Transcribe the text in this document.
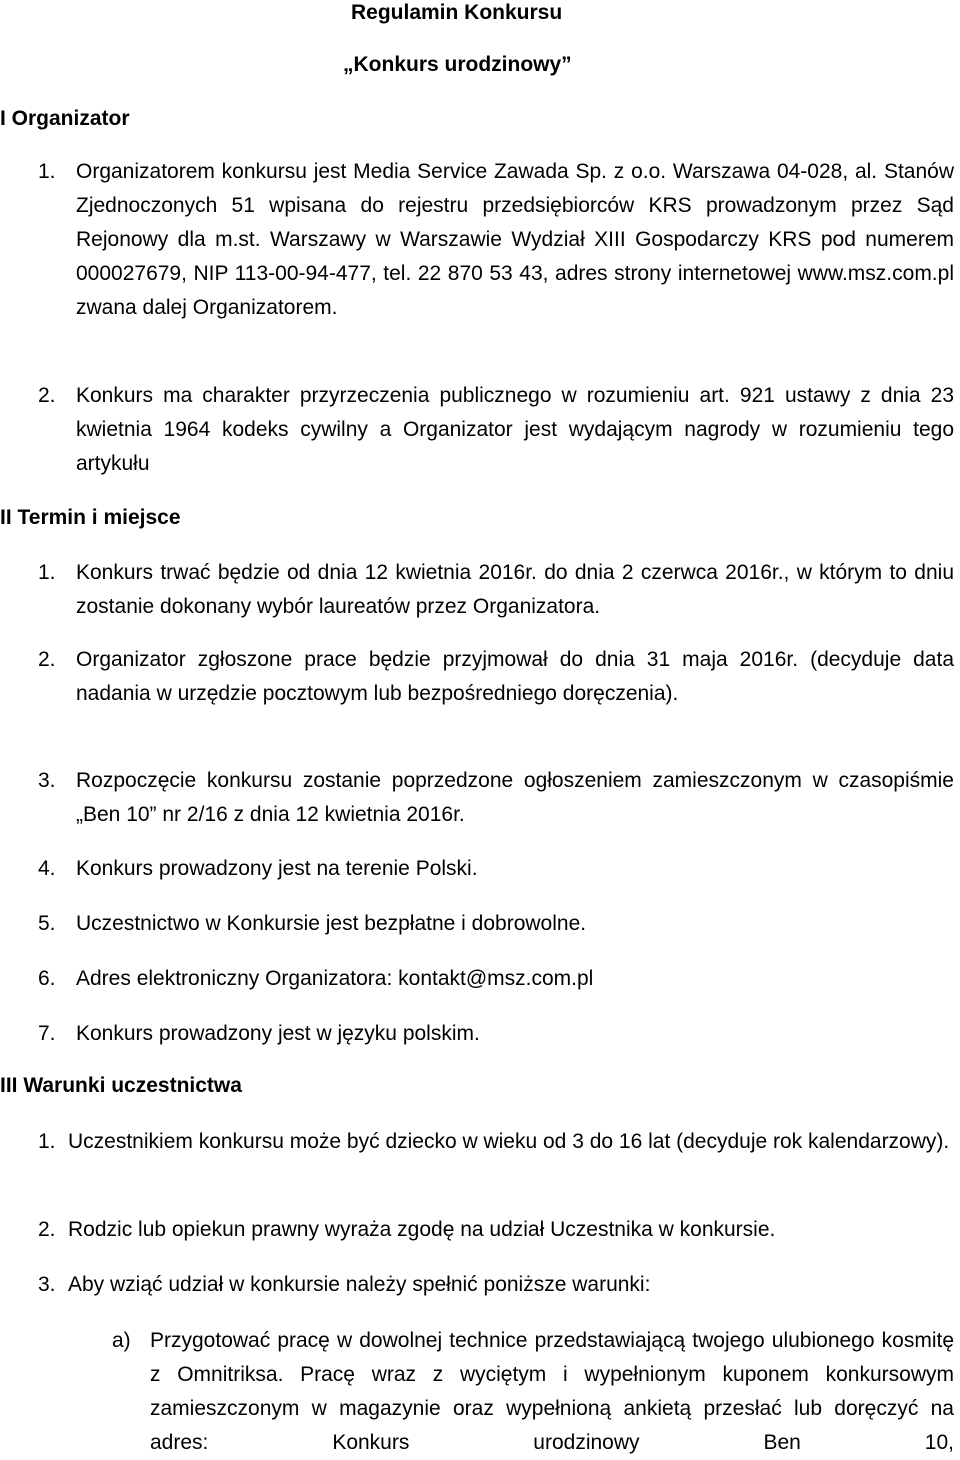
Regulamin Konkursu
„Konkurs urodzinowy”
I Organizator
1. Organizatorem konkursu jest Media Service Zawada Sp. z o.o. Warszawa 04-028, al. Stanów Zjednoczonych 51 wpisana do rejestru przedsiębiorców KRS prowadzonym przez Sąd Rejonowy dla m.st. Warszawy w Warszawie Wydział XIII Gospodarczy KRS pod numerem 000027679, NIP 113-00-94-477, tel. 22 870 53 43, adres strony internetowej www.msz.com.pl zwana dalej Organizatorem.
2. Konkurs ma charakter przyrzeczenia publicznego w rozumieniu art. 921 ustawy z dnia 23 kwietnia 1964 kodeks cywilny a Organizator jest wydającym nagrody w rozumieniu tego artykułu
II Termin i miejsce
1. Konkurs trwać będzie od dnia 12 kwietnia 2016r. do dnia 2 czerwca 2016r., w którym to dniu zostanie dokonany wybór laureatów przez Organizatora.
2. Organizator zgłoszone prace będzie przyjmował do dnia 31 maja 2016r. (decyduje data nadania w urzędzie pocztowym lub bezpośredniego doręczenia).
3. Rozpoczęcie konkursu zostanie poprzedzone ogłoszeniem zamieszczonym w czasopiśmie „Ben 10” nr 2/16 z dnia 12 kwietnia 2016r.
4. Konkurs prowadzony jest na terenie Polski.
5. Uczestnictwo w Konkursie jest bezpłatne i dobrowolne.
6. Adres elektroniczny Organizatora: kontakt@msz.com.pl
7. Konkurs prowadzony jest w języku polskim.
III Warunki uczestnictwa
1. Uczestnikiem konkursu może być dziecko w wieku od 3 do 16 lat (decyduje rok kalendarzowy).
2. Rodzic lub opiekun prawny wyraża zgodę na udział Uczestnika w konkursie.
3. Aby wziąć udział w konkursie należy spełnić poniższe warunki:
a) Przygotować pracę w dowolnej technice przedstawiającą twojego ulubionego kosmitę z Omnitriksa. Pracę wraz z wyciętym i wypełnionym kuponem konkursowym zamieszczonym w magazynie oraz wypełnioną ankietą przesłać lub doręczyć na adres: Konkurs urodzinowy Ben 10,
